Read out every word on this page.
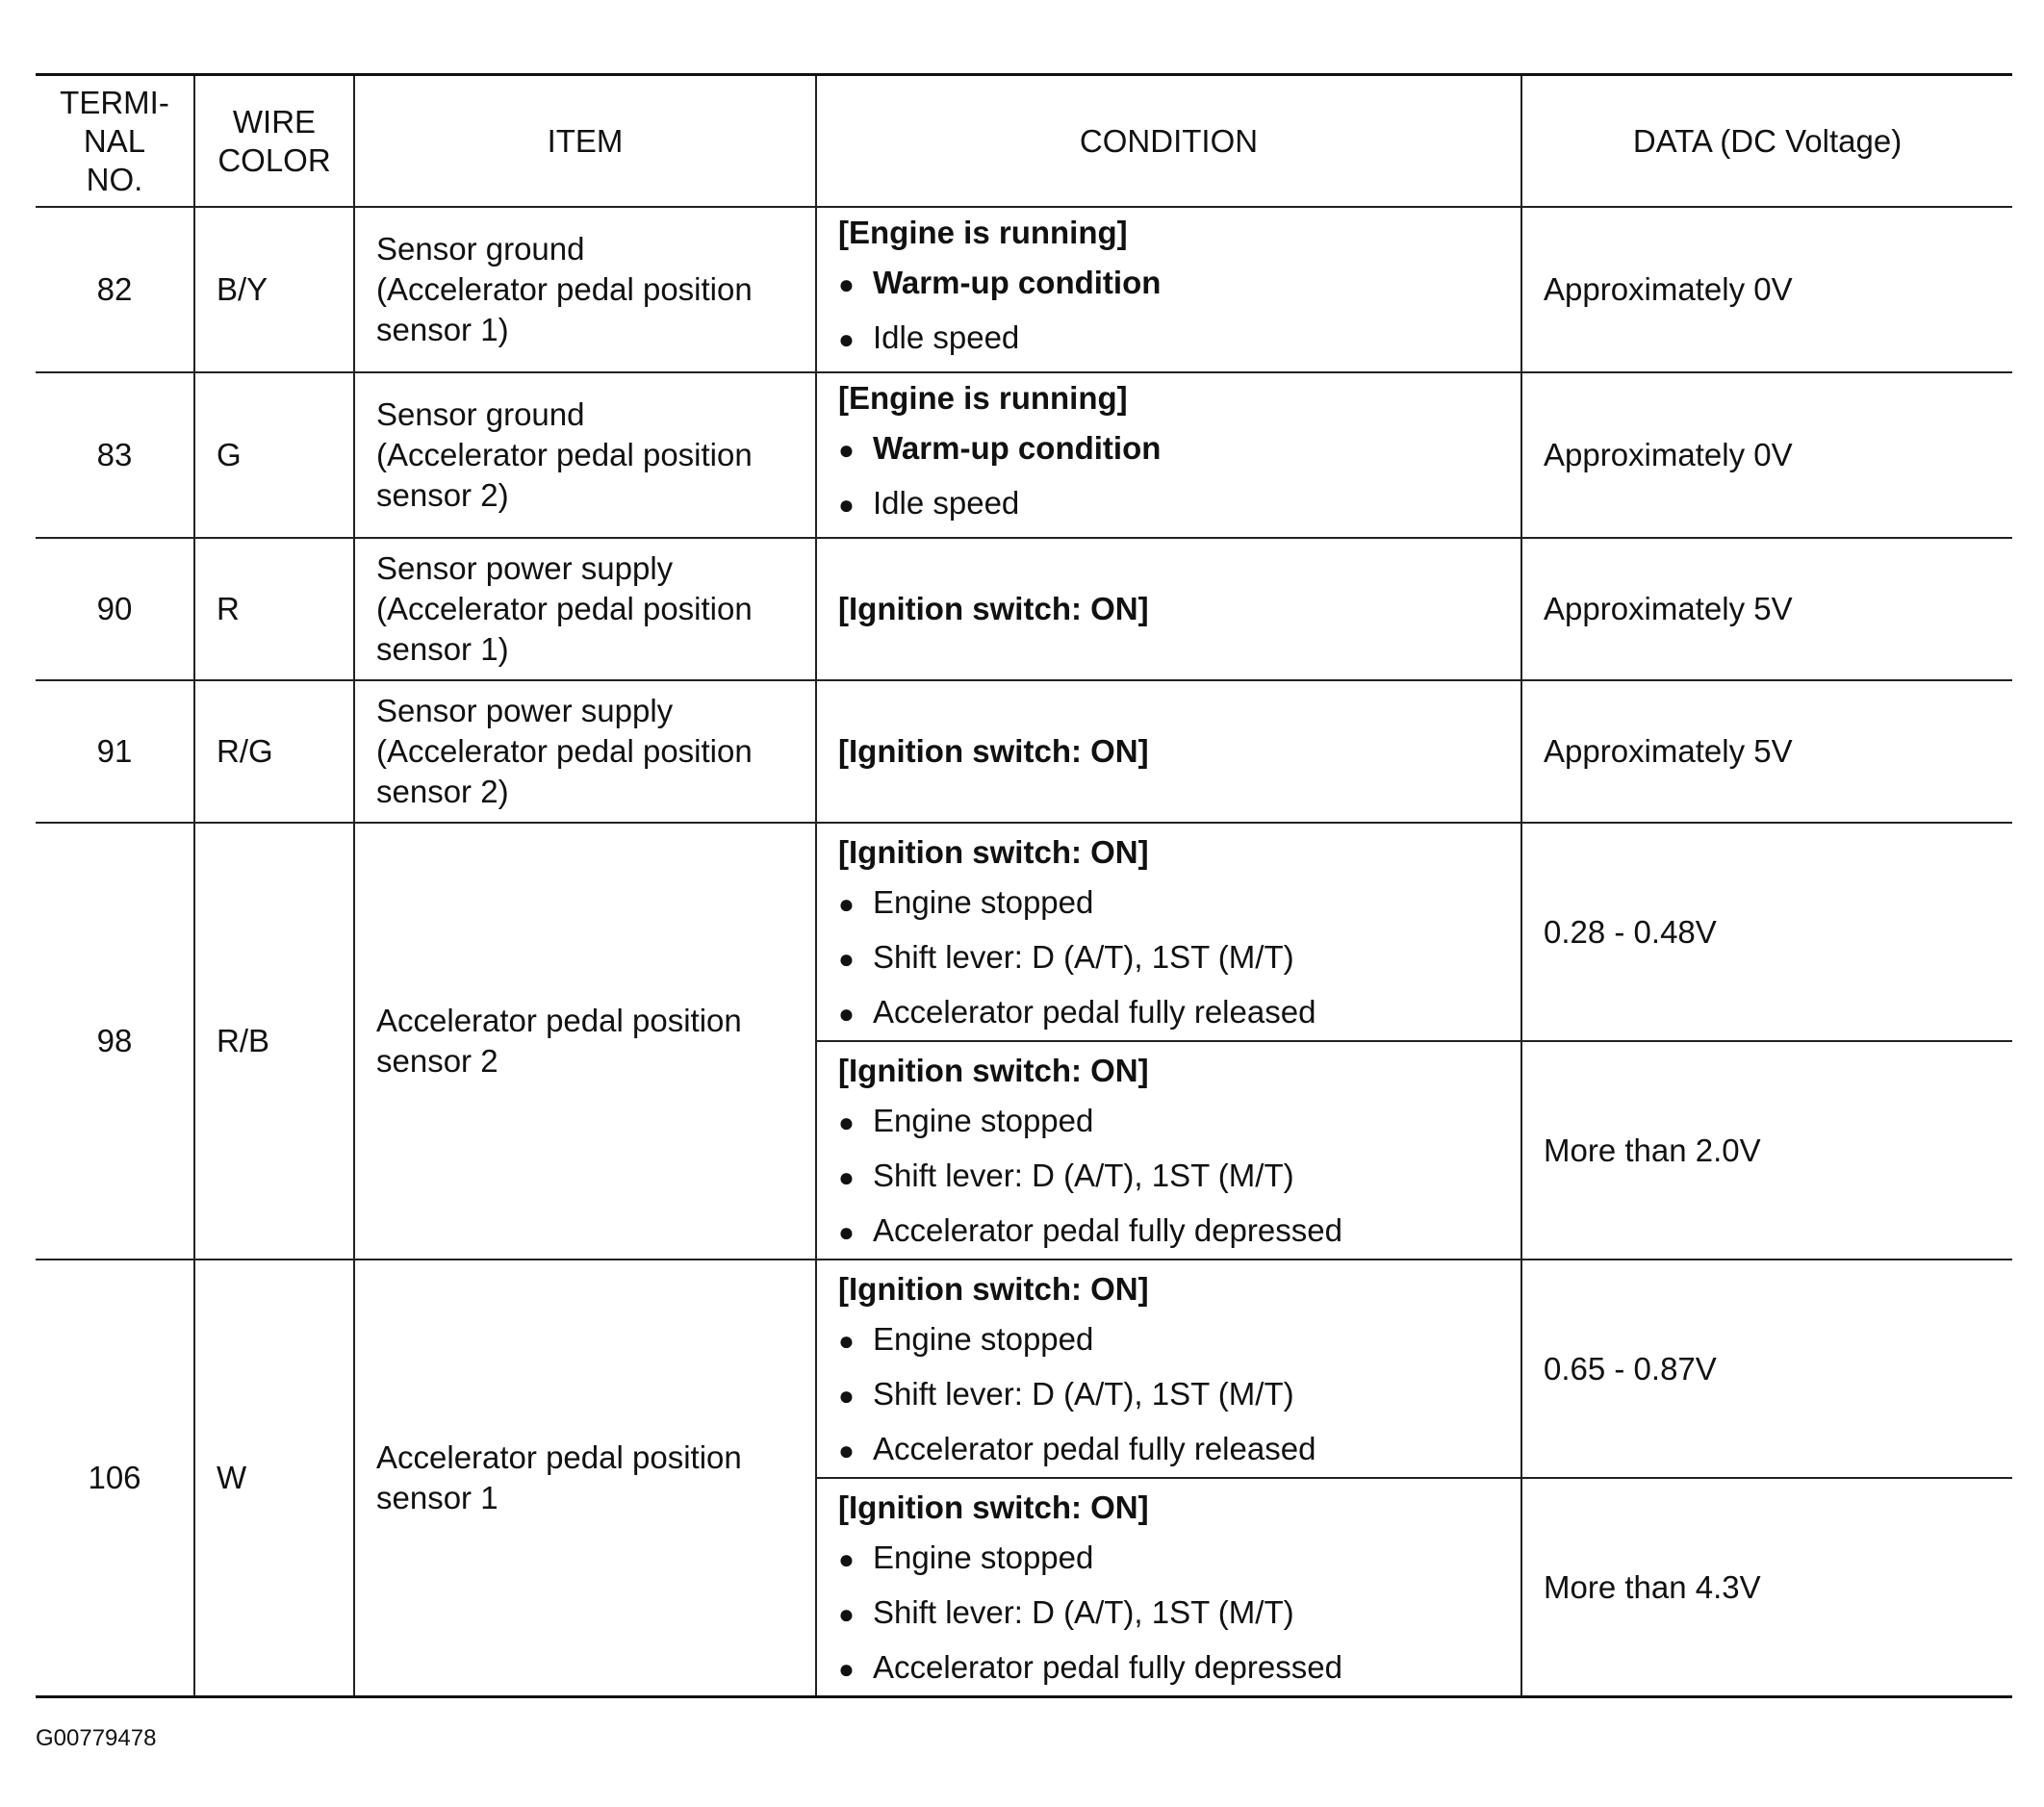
TERMI-
NAL
NO.	WIRE
COLOR	ITEM	CONDITION	DATA (DC Voltage)
82	B/Y	Sensor ground
(Accelerator pedal position
sensor 1)	[Engine is running]
● Warm-up condition
● Idle speed	Approximately 0V
83	G	Sensor ground
(Accelerator pedal position
sensor 2)	[Engine is running]
● Warm-up condition
● Idle speed	Approximately 0V
90	R	Sensor power supply
(Accelerator pedal position
sensor 1)	[Ignition switch: ON]	Approximately 5V
91	R/G	Sensor power supply
(Accelerator pedal position
sensor 2)	[Ignition switch: ON]	Approximately 5V
98	R/B	Accelerator pedal position
sensor 2	[Ignition switch: ON]
● Engine stopped
● Shift lever: D (A/T), 1ST (M/T)
● Accelerator pedal fully released	0.28 - 0.48V

			[Ignition switch: ON]
● Engine stopped
● Shift lever: D (A/T), 1ST (M/T)
● Accelerator pedal fully depressed	More than 2.0V
106	W	Accelerator pedal position
sensor 1	[Ignition switch: ON]
● Engine stopped
● Shift lever: D (A/T), 1ST (M/T)
● Accelerator pedal fully released	0.65 - 0.87V

			[Ignition switch: ON]
● Engine stopped
● Shift lever: D (A/T), 1ST (M/T)
● Accelerator pedal fully depressed	More than 4.3V
G00779478
